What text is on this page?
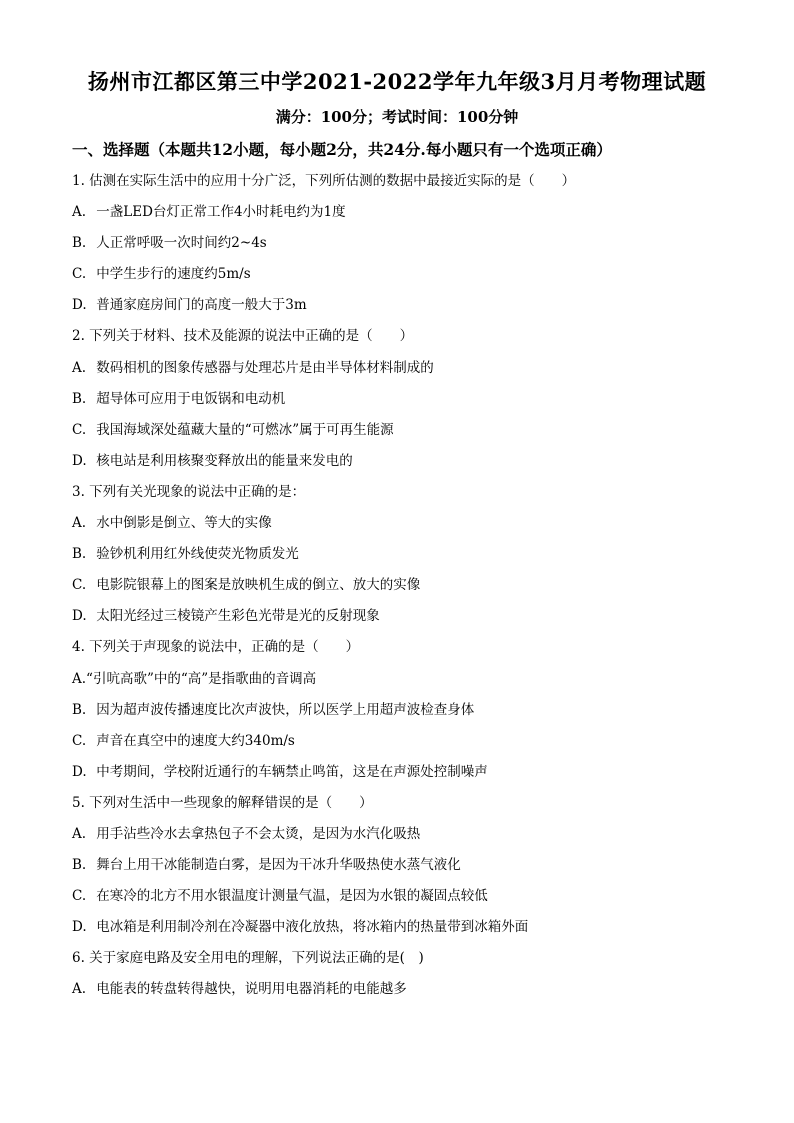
扬州市江都区第三中学2021-2022学年九年级3月月考物理试题
满分：100分；考试时间：100分钟
一、选择题（本题共12小题，每小题2分，共24分.每小题只有一个选项正确）
1. 估测在实际生活中的应用十分广泛，下列所估测的数据中最接近实际的是（　　）
A. 一盏LED台灯正常工作4小时耗电约为1度
B. 人正常呼吸一次时间约2~4s
C. 中学生步行的速度约5m/s
D. 普通家庭房间门的高度一般大于3m
2. 下列关于材料、技术及能源的说法中正确的是（　　）
A. 数码相机的图象传感器与处理芯片是由半导体材料制成的
B. 超导体可应用于电饭锅和电动机
C. 我国海域深处蕴藏大量的“可燃冰”属于可再生能源
D. 核电站是利用核聚变释放出的能量来发电的
3. 下列有关光现象的说法中正确的是：
A. 水中倒影是倒立、等大的实像
B. 验钞机利用红外线使荧光物质发光
C. 电影院银幕上的图案是放映机生成的倒立、放大的实像
D. 太阳光经过三棱镜产生彩色光带是光的反射现象
4. 下列关于声现象的说法中，正确的是（　　）
A.“引吭高歌”中的“高”是指歌曲的音调高
B. 因为超声波传播速度比次声波快，所以医学上用超声波检查身体
C. 声音在真空中的速度大约340m/s
D. 中考期间，学校附近通行的车辆禁止鸣笛，这是在声源处控制噪声
5. 下列对生活中一些现象的解释错误的是（　　）
A. 用手沾些冷水去拿热包子不会太烫，是因为水汽化吸热
B. 舞台上用干冰能制造白雾，是因为干冰升华吸热使水蒸气液化
C. 在寒冷的北方不用水银温度计测量气温，是因为水银的凝固点较低
D. 电冰箱是利用制冷剂在冷凝器中液化放热，将冰箱内的热量带到冰箱外面
6. 关于家庭电路及安全用电的理解，下列说法正确的是(　)
A. 电能表的转盘转得越快，说明用电器消耗的电能越多
